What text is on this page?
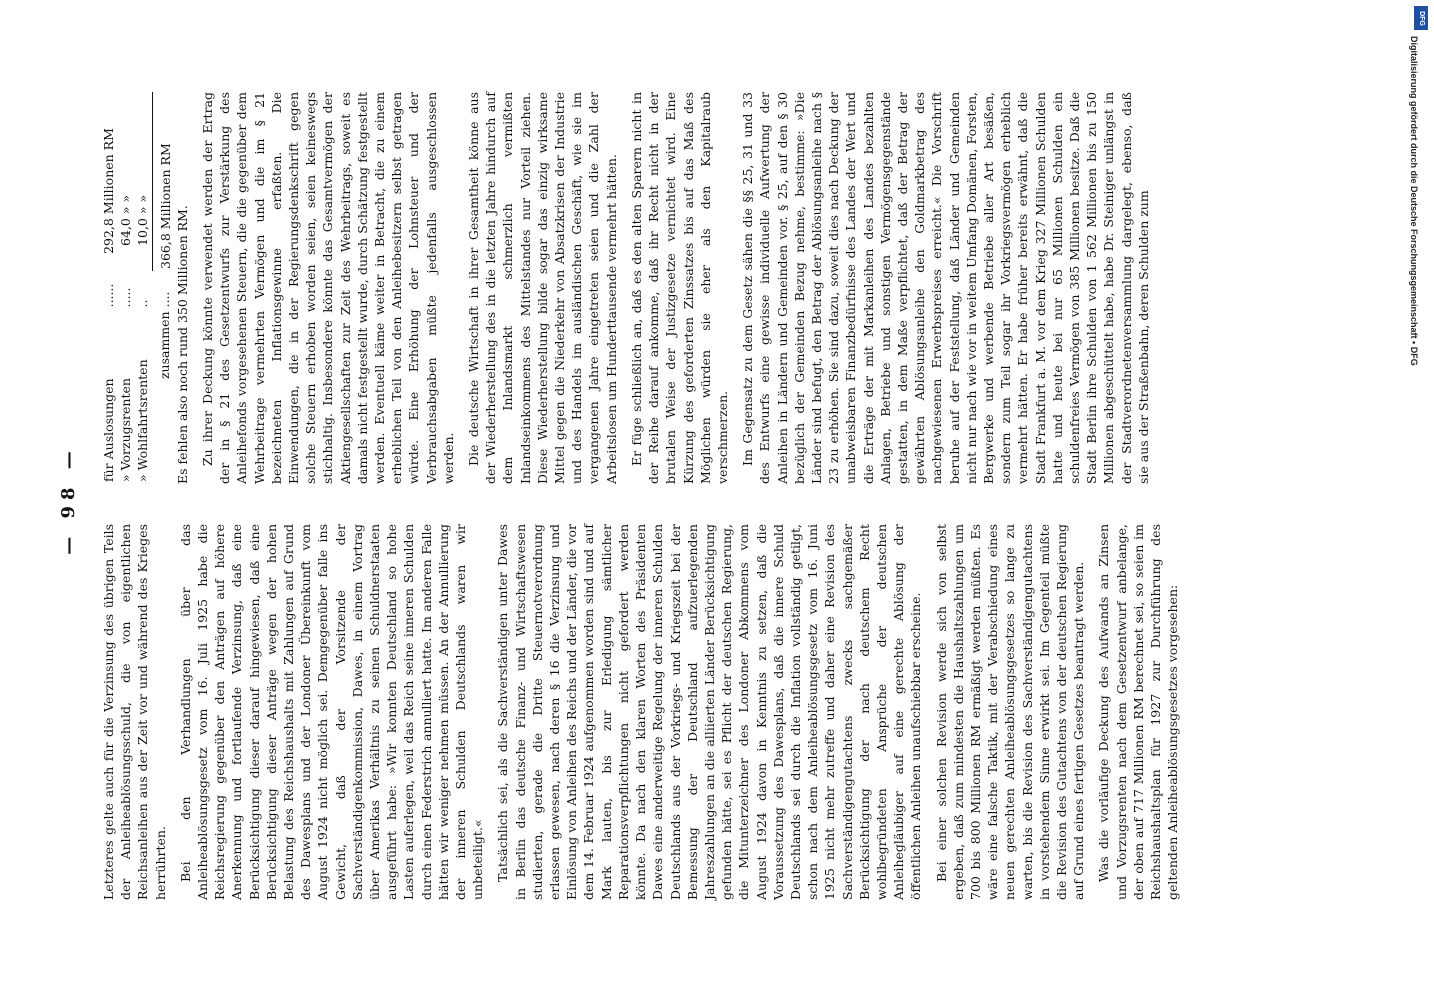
— 98 —

Letzteres gelte auch für die Verzinsung des übrigen Teils der Anleiheablösungsschuld, die von eigentlichen Reichsanleihen aus der Zeit vor und während des Krieges herrührten. Bei den Verhandlungen über das Anleiheablösungsgesetz vom 16. Juli 1925 habe die Reichsregierung gegenüber den Anträgen auf höhere Anerkennung und fortlaufende Verzinsung, daß eine Berücksichtigung dieser darauf hingewiesen, daß eine Berücksichtigung dieser Anträge wegen der hohen Belastung des Reichshaushalts mit Zahlungen auf Grund des Dawesplans und der Londoner Übereinkunft vom August 1924 nicht möglich sei. Demgegenüber falle ins Gewicht, daß der Vorsitzende der Sachverständigenkommission, Dawes, in einem Vortrag über Amerikas Verhältnis zu seinen Schuldnerstaaten ausgeführt habe: »Wir konnten Deutschland so hohe Lasten auferlegen, weil das Reich seine inneren Schulden durch einen Federstrich annulliert hatte. Im anderen Falle hätten wir weniger nehmen müssen. An der Annullierung der inneren Schulden Deutschlands waren wir unbeteiligt.« Tatsächlich sei, als die Sachverständigen unter Dawes in Berlin das deutsche Finanz- und Wirtschaftswesen studierten, gerade die Dritte Steuernotverordnung erlassen gewesen, nach deren § 16 die Verzinsung und Einlösung von Anleihen des Reichs und der Länder, die vor dem 14. Februar 1924 aufgenommen worden sind und auf Mark lauten, bis zur Erledigung sämtlicher Reparationsverpflichtungen nicht gefordert werden könnte. Da nach den klaren Worten des Präsidenten Dawes eine anderweitige Regelung der inneren Schulden Deutschlands aus der Vorkriegs- und Kriegszeit bei der Bemessung der Deutschland aufzuerlegenden Jahreszahlungen an die alliierten Länder Berücksichtigung gefunden hätte, sei es Pflicht der deutschen Regierung, die Mitunterzeichner des Londoner Abkommens vom August 1924 davon in Kenntnis zu setzen, daß die Voraussetzung des Dawesplans, daß die innere Schuld Deutschlands sei durch die Inflation vollständig getilgt, schon nach dem Anleiheablösungsgesetz vom 16. Juni 1925 nicht mehr zutreffe und daher eine Revision des Sachverständigengutachtens zwecks sachgemäßer Berücksichtigung der nach deutschem Recht wohlbegründeten Ansprüche der deutschen Anleihegläubiger auf eine gerechte Ablösung der öffentlichen Anleihen unaufschiebbar erscheine. Bei einer solchen Revision werde sich von selbst ergeben, daß zum mindesten die Haushaltszahlungen um 700 bis 800 Millionen RM ermäßigt werden müßten. Es wäre eine falsche Taktik, mit der Verabschiedung eines neuen gerechten Anleiheablösungsgesetzes so lange zu warten, bis die Revision des Sachverständigengutachtens in vorstehendem Sinne erwirkt sei. Im Gegenteil müßte die Revision des Gutachtens von der deutschen Regierung auf Grund eines fertigen Gesetzes beantragt werden. Was die vorläufige Deckung des Aufwands an Zinsen und Vorzugsrenten nach dem Gesetzentwurf anbelange, der oben auf 717 Millionen RM berechnet sei, so seien im Reichshaushaltsplan für 1927 zur Durchführung des geltenden Anleiheablösungsgesetzes vorgesehen:

für Auslosungen	......	292,8	Millionen RM
» Vorzugsrenten	.....	64,0	» »
» Wohlfahrtsrenten	..	10,0	» »
zusammen	....	366,8 Millionen RM	Es fehlen also noch rund 350 Millionen RM. Zu ihrer Deckung könnte verwendet werden der Ertrag der in § 21 des Gesetzentwurfs zur Verstärkung des Anleihefonds vorgesehenen Steuern, die die gegenüber dem Wehrbeitrage vermehrten Vermögen und die im § 21 bezeichneten Inflationsgewinne erfaßten. Die Einwendungen, die in der Regierungsdenkschrift gegen solche Steuern erhoben worden seien, seien keineswegs stichhaltig. Insbesondere könnte das Gesamtvermögen der Aktiengesellschaften zur Zeit des Wehrbeitrags, soweit es damals nicht festgestellt wurde, durch Schätzung festgestellt werden. Eventuell käme weiter in Betracht, die zu einem erheblichen Teil von den Anleihebesitzern selbst getragen würde. Eine Erhöhung der Lohnsteuer und der Verbrauchsabgaben müßte jedenfalls ausgeschlossen werden. Die deutsche Wirtschaft in ihrer Gesamtheit könne aus der Wiederherstellung des in die letzten Jahre hindurch auf dem Inlandsmarkt schmerzlich vermißten Inlandseinkommens des Mittelstandes nur Vorteil ziehen. Diese Wiederherstellung bilde sogar das einzig wirksame Mittel gegen die Niederkehr von Absatzkrisen der Industrie und des Handels im ausländischen Geschäft, wie sie im vergangenen Jahre eingetreten seien und die Zahl der Arbeitslosen um Hunderttausende vermehrt hätten. Er füge schließlich an, daß es den alten Sparern nicht in der Reihe darauf ankomme, daß ihr Recht nicht in der brutalen Weise der Justizgesetze vernichtet wird. Eine Kürzung des geforderten Zinssatzes bis auf das Maß des Möglichen würden sie eher als den Kapitalraub verschmerzen. Im Gegensatz zu dem Gesetz sähen die §§ 25, 31 und 33 des Entwurfs eine gewisse individuelle Aufwertung der Anleihen in Ländern und Gemeinden vor. § 25, auf den § 30 bezüglich der Gemeinden Bezug nehme, bestimme: »Die Länder sind befugt, den Betrag der Ablösungsanleihe nach § 23 zu erhöhen. Sie sind dazu, soweit dies nach Deckung der unabweisbaren Finanzbedürfnisse des Landes der Wert und die Erträge der mit Markanleihen des Landes bezahlten Anlagen, Betriebe und sonstigen Vermögensgegenstände gestatten, in dem Maße verpflichtet, daß der Betrag der gewährten Ablösungsanleihe den Goldmarkbetrag des nachgewiesenen Erwerbspreises erreicht.« Die Vorschrift beruhe auf der Feststellung, daß Länder und Gemeinden nicht nur nach wie vor in weitem Umfang Domänen, Forsten, Bergwerke und werbende Betriebe aller Art besäßen, sondern zum Teil sogar ihr Vorkriegsvermögen erheblich vermehrt hätten. Er habe früher bereits erwähnt, daß die Stadt Frankfurt a. M. vor dem Krieg 327 Millionen Schulden hatte und heute bei nur 65 Millionen Schulden ein schuldenfreies Vermögen von 385 Millionen besitze. Daß die Stadt Berlin ihre Schulden von 1 562 Millionen bis zu 150 Millionen abgeschüttelt habe, habe Dr. Steiniger unlängst in der Stadtverordnetenversammlung dargelegt, ebenso, daß sie aus der Straßenbahn, deren Schulden zum

DFG
Digitalisierung gefördert durch die Deutsche Forschungsgemeinschaft • DFG
